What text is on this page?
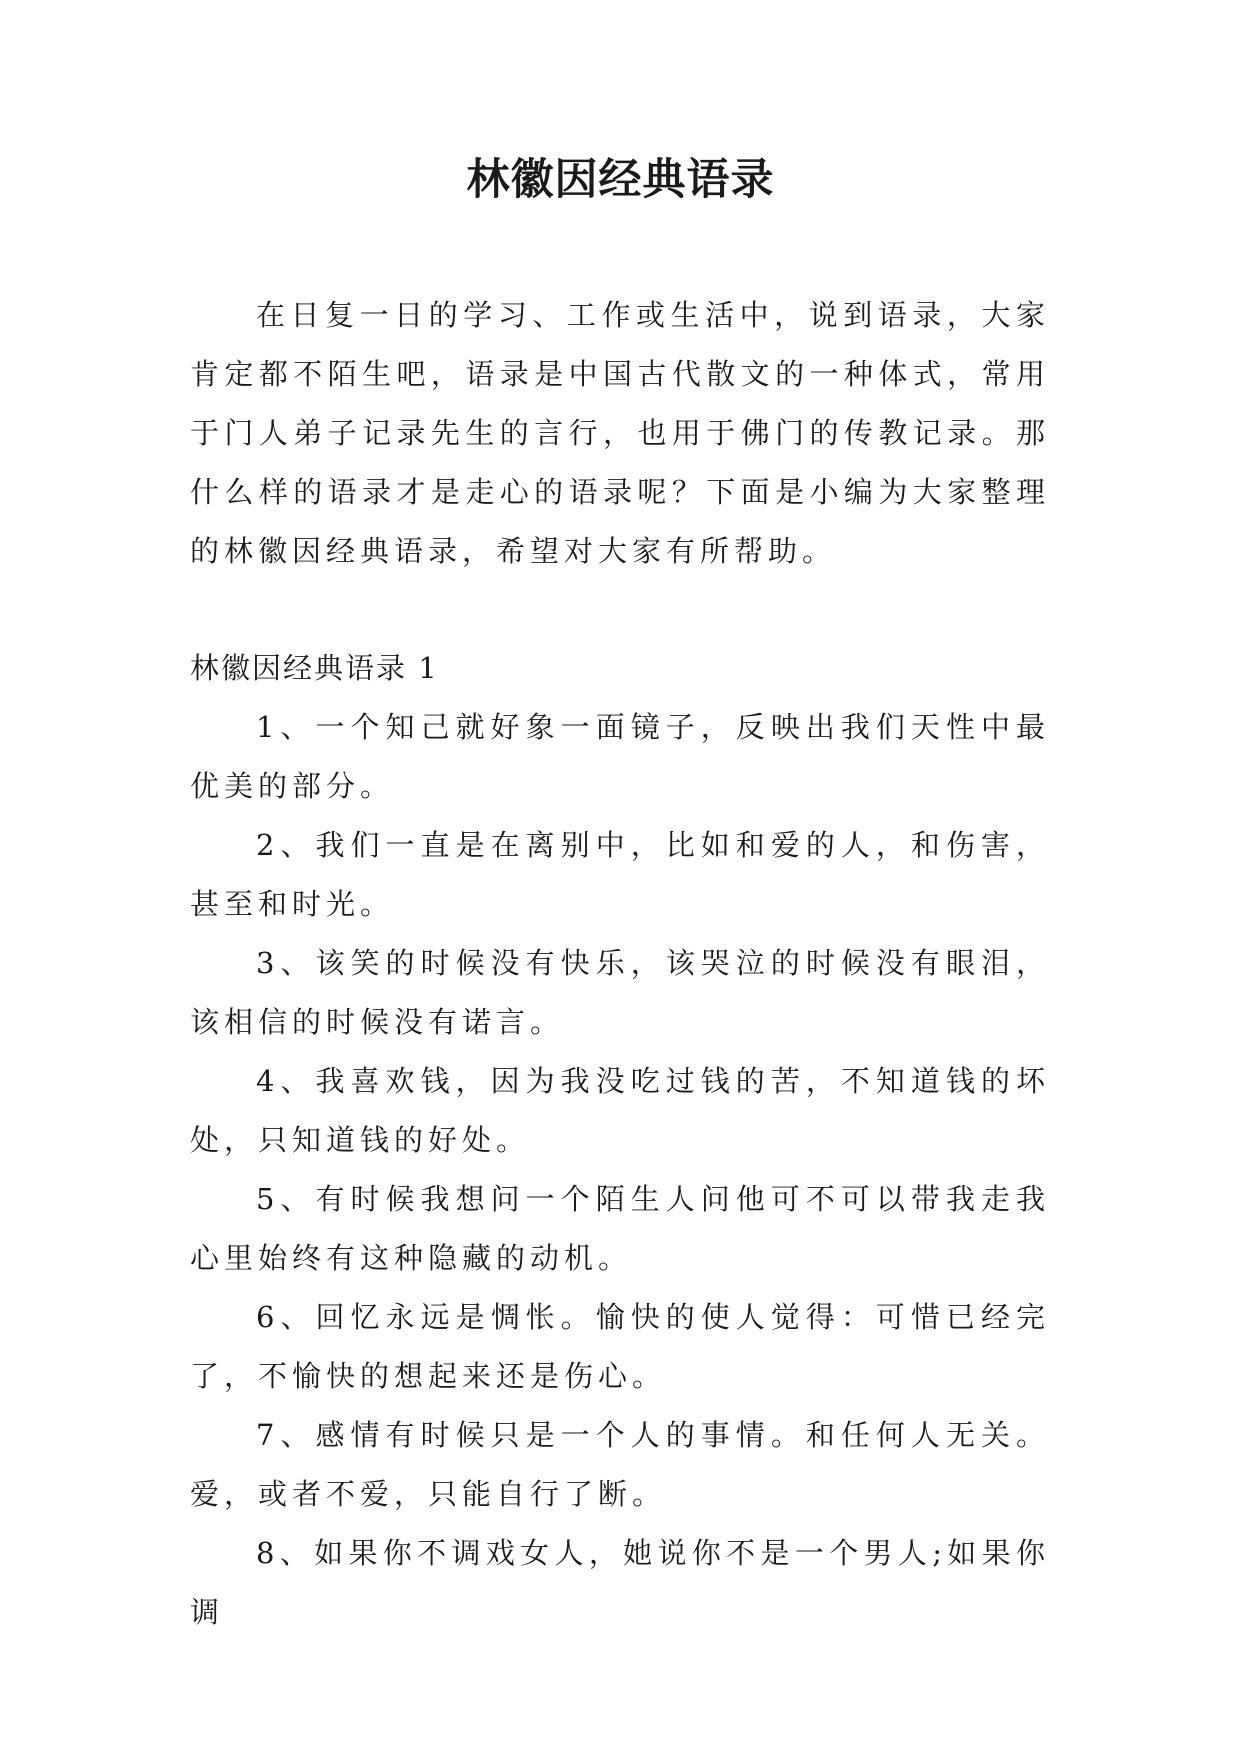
林徽因经典语录

在日复一日的学习、工作或生活中，说到语录，大家肯定都不陌生吧，语录是中国古代散文的一种体式，常用于门人弟子记录先生的言行，也用于佛门的传教记录。那什么样的语录才是走心的语录呢？下面是小编为大家整理的林徽因经典语录，希望对大家有所帮助。

林徽因经典语录 1

1、一个知己就好象一面镜子，反映出我们天性中最优美的部分。

2、我们一直是在离别中，比如和爱的人，和伤害，甚至和时光。

3、该笑的时候没有快乐，该哭泣的时候没有眼泪，该相信的时候没有诺言。

4、我喜欢钱，因为我没吃过钱的苦，不知道钱的坏处，只知道钱的好处。

5、有时候我想问一个陌生人问他可不可以带我走我心里始终有这种隐藏的动机。

6、回忆永远是惆怅。愉快的使人觉得：可惜已经完了，不愉快的想起来还是伤心。

7、感情有时候只是一个人的事情。和任何人无关。爱，或者不爱，只能自行了断。

8、如果你不调戏女人，她说你不是一个男人;如果你调
